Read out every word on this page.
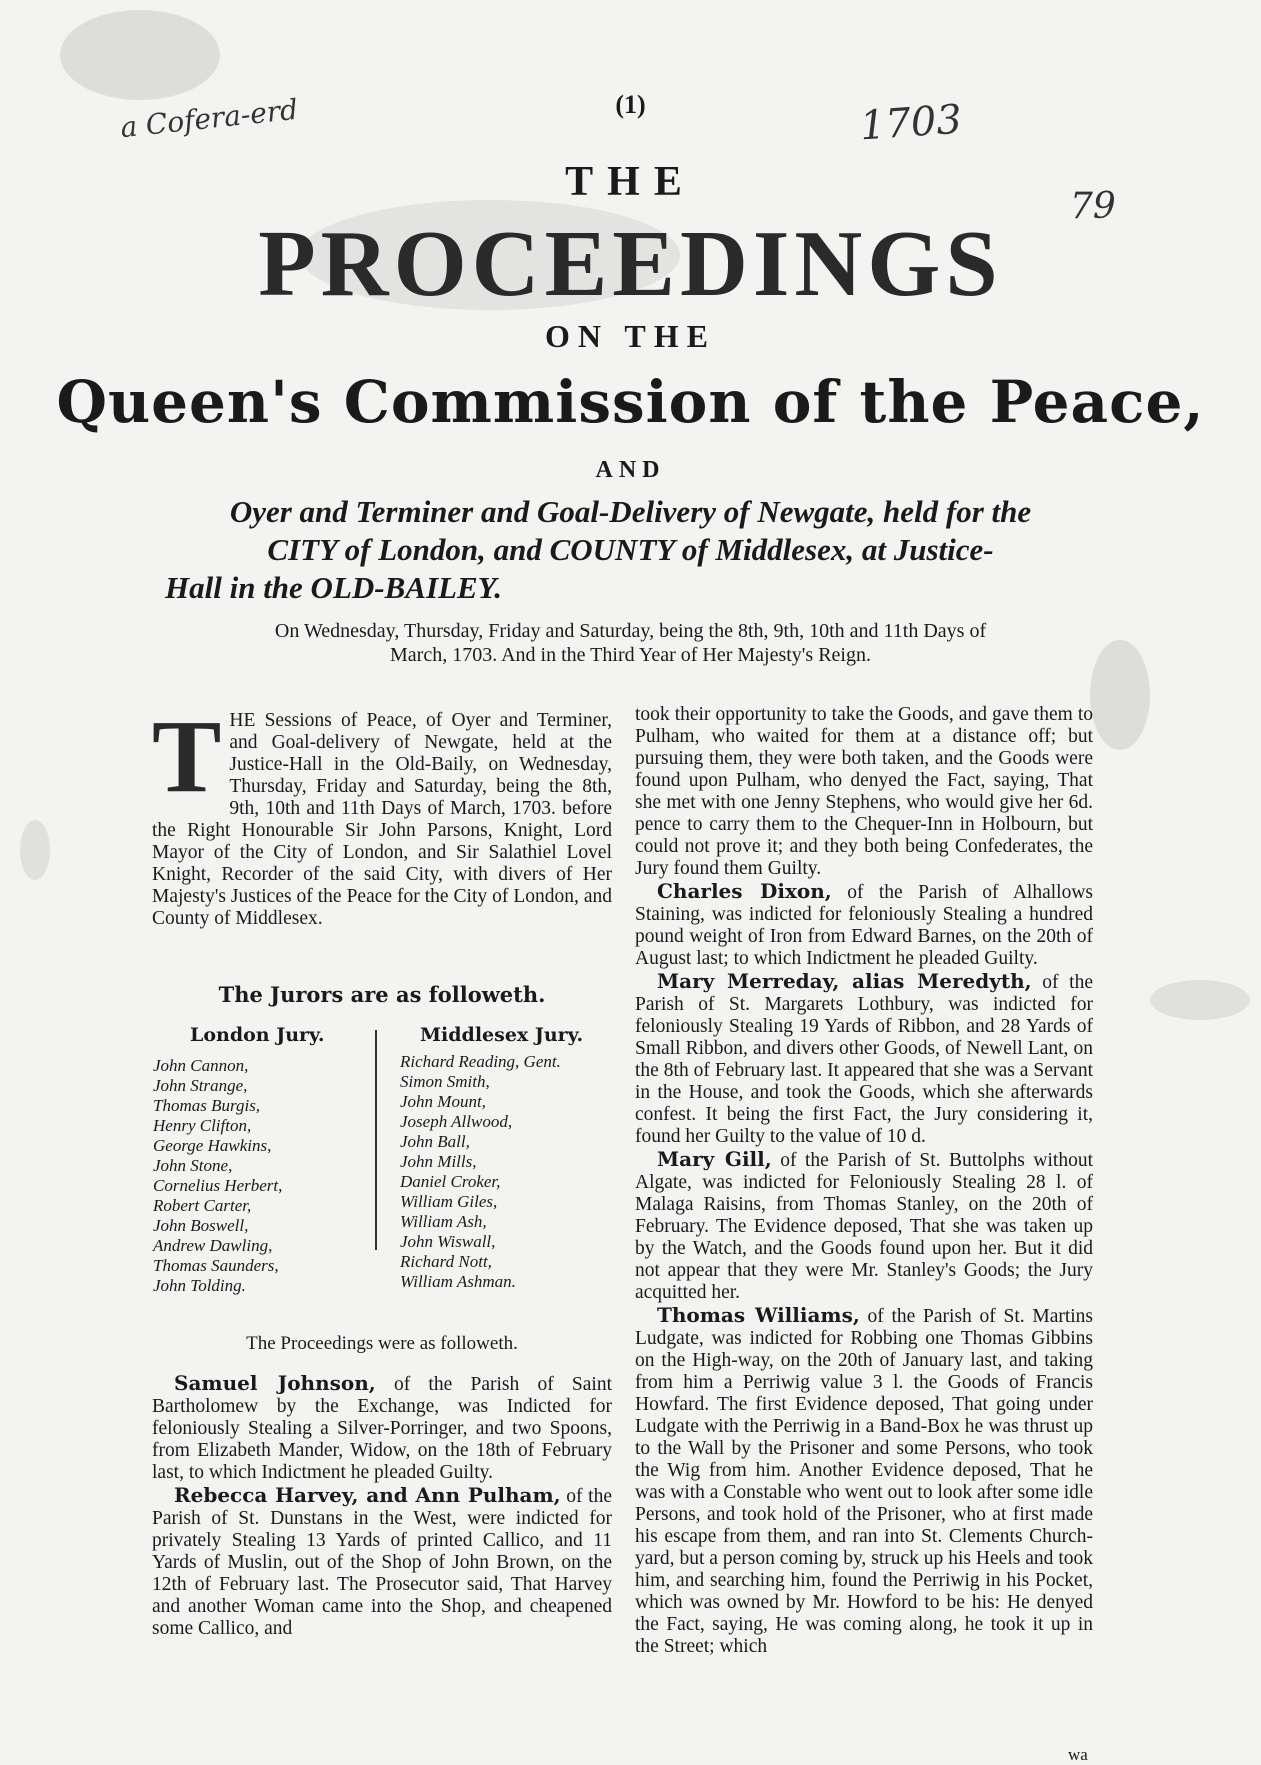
a Cofera-erd	1703
79
(1)
THE
PROCEEDINGS
ON THE
Queen's Commission of the Peace,
AND
Oyer and Terminer and Goal-Delivery of Newgate, held for the
CITY of London, and COUNTY of Middlesex, at Justice-
Hall in the OLD-BAILEY.
On Wednesday, Thursday, Friday and Saturday, being the 8th, 9th, 10th and 11th Days of
March, 1703. And in the Third Year of Her Majesty's Reign.
THE Sessions of Peace, of Oyer and Terminer, and Goal-delivery of Newgate, held at the Justice-Hall in the Old-Baily, on Wednesday, Thursday, Friday and Saturday, being the 8th, 9th, 10th and 11th Days of March, 1703. before the Right Honourable Sir John Parsons, Knight, Lord Mayor of the City of London, and Sir Salathiel Lovel Knight, Recorder of the said City, with divers of Her Majesty's Justices of the Peace for the City of London, and County of Middlesex.
The Jurors are as followeth.
London Jury.	Middlesex Jury.
John Cannon,
John Strange,
Thomas Burgis,
Henry Clifton,
George Hawkins,
John Stone,
Cornelius Herbert,
Robert Carter,
John Boswell,
Andrew Dawling,
Thomas Saunders,
John Tolding.
Richard Reading, Gent.
Simon Smith,
John Mount,
Joseph Allwood,
John Ball,
John Mills,
Daniel Croker,
William Giles,
William Ash,
John Wiswall,
Richard Nott,
William Ashman.
The Proceedings were as followeth.

Samuel Johnson, of the Parish of Saint Bartholomew by the Exchange, was Indicted for feloniously Stealing a Silver-Porringer, and two Spoons, from Elizabeth Mander, Widow, on the 18th of February last, to which Indictment he pleaded Guilty.

Rebecca Harvey, and Ann Pulham, of the Parish of St. Dunstans in the West, were indicted for privately Stealing 13 Yards of printed Callico, and 11 Yards of Muslin, out of the Shop of John Brown, on the 12th of February last. The Prosecutor said, That Harvey and another Woman came into the Shop, and cheapened some Callico, and

took their opportunity to take the Goods, and gave them to Pulham, who waited for them at a distance off; but pursuing them, they were both taken, and the Goods were found upon Pulham, who denyed the Fact, saying, That she met with one Jenny Stephens, who would give her 6d. pence to carry them to the Chequer-Inn in Holbourn, but could not prove it; and they both being Confederates, the Jury found them Guilty.

Charles Dixon, of the Parish of Alhallows Staining, was indicted for feloniously Stealing a hundred pound weight of Iron from Edward Barnes, on the 20th of August last; to which Indictment he pleaded Guilty.

Mary Merreday, alias Meredyth, of the Parish of St. Margarets Lothbury, was indicted for feloniously Stealing 19 Yards of Ribbon, and 28 Yards of Small Ribbon, and divers other Goods, of Newell Lant, on the 8th of February last. It appeared that she was a Servant in the House, and took the Goods, which she afterwards confest. It being the first Fact, the Jury considering it, found her Guilty to the value of 10 d.

Mary Gill, of the Parish of St. Buttolphs without Algate, was indicted for Feloniously Stealing 28 l. of Malaga Raisins, from Thomas Stanley, on the 20th of February. The Evidence deposed, That she was taken up by the Watch, and the Goods found upon her. But it did not appear that they were Mr. Stanley's Goods; the Jury acquitted her.

Thomas Williams, of the Parish of St. Martins Ludgate, was indicted for Robbing one Thomas Gibbins on the High-way, on the 20th of January last, and taking from him a Perriwig value 3 l. the Goods of Francis Howfard. The first Evidence deposed, That going under Ludgate with the Perriwig in a Band-Box he was thrust up to the Wall by the Prisoner and some Persons, who took the Wig from him. Another Evidence deposed, That he was with a Constable who went out to look after some idle Persons, and took hold of the Prisoner, who at first made his escape from them, and ran into St. Clements Church-yard, but a person coming by, struck up his Heels and took him, and searching him, found the Perriwig in his Pocket, which was owned by Mr. Howford to be his: He denyed the Fact, saying, He was coming along, he took it up in the Street; which

wa
